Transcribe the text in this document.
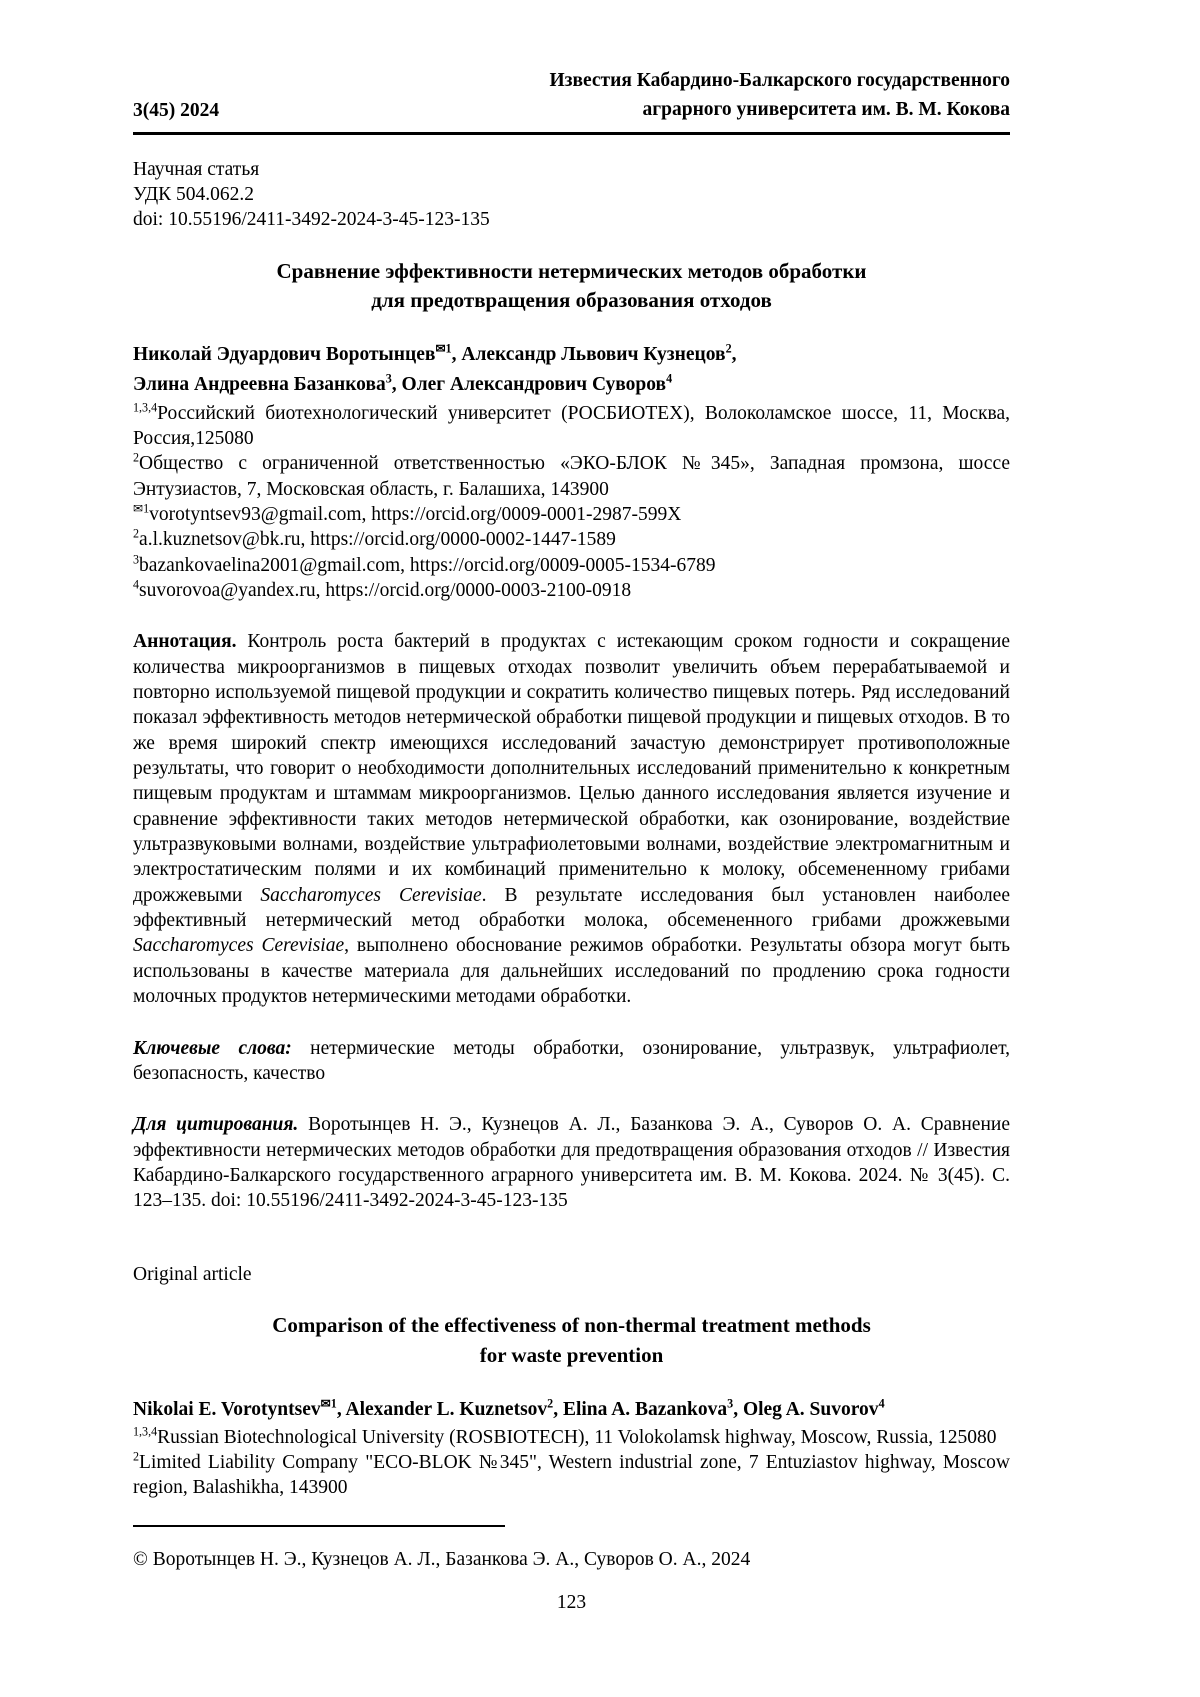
3(45) 2024
Известия Кабардино-Балкарского государственного
аграрного университета им. В. М. Кокова

Научная статья

УДК 504.062.2

doi: 10.55196/2411-3492-2024-3-45-123-135

Сравнение эффективности нетермических методов обработки
для предотвращения образования отходов

Николай Эдуардович Воротынцев$^{✉1}$, Александр Львович Кузнецов$^2$,
Элина Андреевна Базанкова$^3$, Олег Александрович Суворов$^4$

$^{1,3,4}$Российский биотехнологический университет (РОСБИОТЕХ), Волоколамское шоссе, 11, Москва, Россия,125080

$^2$Общество с ограниченной ответственностью «ЭКО-БЛОК №345», Западная промзона, шоссе Энтузиастов, 7, Московская область, г. Балашиха, 143900

$^{✉1}$vorotyntsev93@gmail.com, https://orcid.org/0009-0001-2987-599X

$^2$a.l.kuznetsov@bk.ru, https://orcid.org/0000-0002-1447-1589

$^3$bazankovaelina2001@gmail.com, https://orcid.org/0009-0005-1534-6789

$^4$suvorovoa@yandex.ru, https://orcid.org/0000-0003-2100-0918

Аннотация. Контроль роста бактерий в продуктах с истекающим сроком годности и сокращение количества микроорганизмов в пищевых отходах позволит увеличить объем перерабатываемой и повторно используемой пищевой продукции и сократить количество пищевых потерь. Ряд исследований показал эффективность методов нетермической обработки пищевой продукции и пищевых отходов. В то же время широкий спектр имеющихся исследований зачастую демонстрирует противоположные результаты, что говорит о необходимости дополнительных исследований применительно к конкретным пищевым продуктам и штаммам микроорганизмов. Целью данного исследования является изучение и сравнение эффективности таких методов нетермической обработки, как озонирование, воздействие ультразвуковыми волнами, воздействие ультрафиолетовыми волнами, воздействие электромагнитным и электростатическим полями и их комбинаций применительно к молоку, обсемененному грибами дрожжевыми Saccharomyces Cerevisiae. В результате исследования был установлен наиболее эффективный нетермический метод обработки молока, обсемененного грибами дрожжевыми Saccharomyces Cerevisiae, выполнено обоснование режимов обработки. Результаты обзора могут быть использованы в качестве материала для дальнейших исследований по продлению срока годности молочных продуктов нетермическими методами обработки.

Ключевые слова: нетермические методы обработки, озонирование, ультразвук, ультрафиолет, безопасность, качество

Для цитирования. Воротынцев Н. Э., Кузнецов А. Л., Базанкова Э. А., Суворов О. А. Сравнение эффективности нетермических методов обработки для предотвращения образования отходов // Известия Кабардино-Балкарского государственного аграрного университета им. В. М. Кокова. 2024. № 3(45). С. 123–135. doi: 10.55196/2411-3492-2024-3-45-123-135

Original article

Comparison of the effectiveness of non-thermal treatment methods
for waste prevention

Nikolai E. Vorotyntsev$^{✉1}$, Alexander L. Kuznetsov$^2$, Elina A. Bazankova$^3$, Oleg A. Suvorov$^4$

$^{1,3,4}$Russian Biotechnological University (ROSBIOTECH), 11 Volokolamsk highway, Moscow, Russia, 125080

$^2$Limited Liability Company "ECO-BLOK №345", Western industrial zone, 7 Entuziastov highway, Moscow region, Balashikha, 143900

© Воротынцев Н. Э., Кузнецов А. Л., Базанкова Э. А., Суворов О. А., 2024

123
